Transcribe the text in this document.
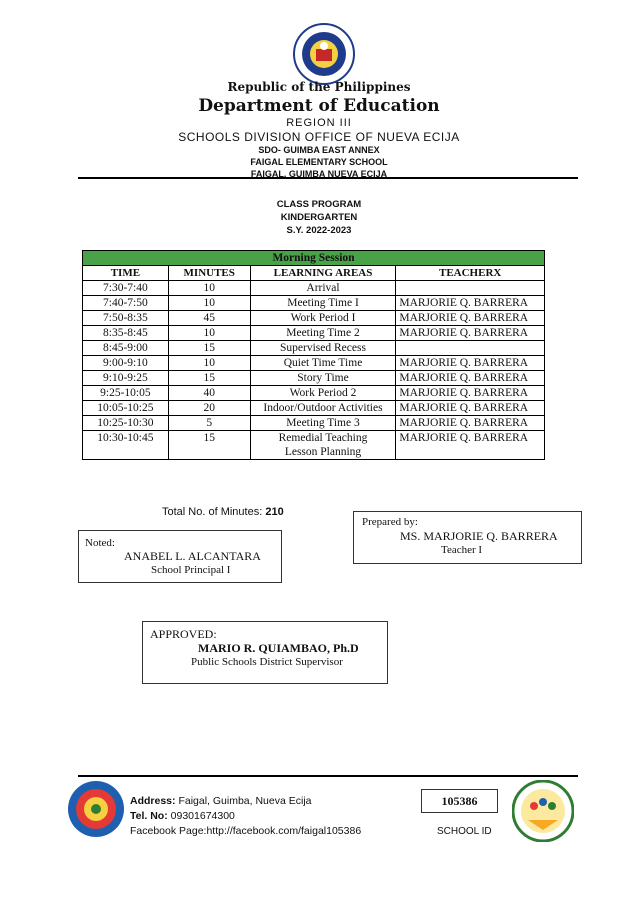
Republic of the Philippines
Department of Education
REGION III
SCHOOLS DIVISION OFFICE OF NUEVA ECIJA
SDO- GUIMBA EAST ANNEX
FAIGAL ELEMENTARY SCHOOL
FAIGAL, GUIMBA NUEVA ECIJA
CLASS PROGRAM
KINDERGARTEN
S.Y. 2022-2023
Morning Session			
TIME	MINUTES	LEARNING AREAS	TEACHERX
7:30-7:40	10	Arrival	

7:40-7:50	10	Meeting Time I	MARJORIE Q. BARRERA
7:50-8:35	45	Work Period I	MARJORIE Q. BARRERA
8:35-8:45	10	Meeting Time 2	MARJORIE Q. BARRERA
8:45-9:00	15	Supervised Recess	

9:00-9:10	10	Quiet Time Time	MARJORIE Q. BARRERA
9:10-9:25	15	Story Time	MARJORIE Q. BARRERA
9:25-10:05	40	Work Period 2	MARJORIE Q. BARRERA
10:05-10:25	20	Indoor/Outdoor Activities	MARJORIE Q. BARRERA
10:25-10:30	5	Meeting Time 3	MARJORIE Q. BARRERA
10:30-10:45	15	Remedial Teaching
Lesson Planning	MARJORIE Q. BARRERA
Total No. of Minutes: 210
Noted:
ANABEL L. ALCANTARA
School Principal I
Prepared by:
MS. MARJORIE Q. BARRERA
Teacher I
APPROVED:
MARIO R. QUIAMBAO, Ph.D
Public Schools District Supervisor
Address: Faigal, Guimba, Nueva Ecija
Tel. No: 09301674300
Facebook Page:http://facebook.com/faigal105386
105386
SCHOOL ID
